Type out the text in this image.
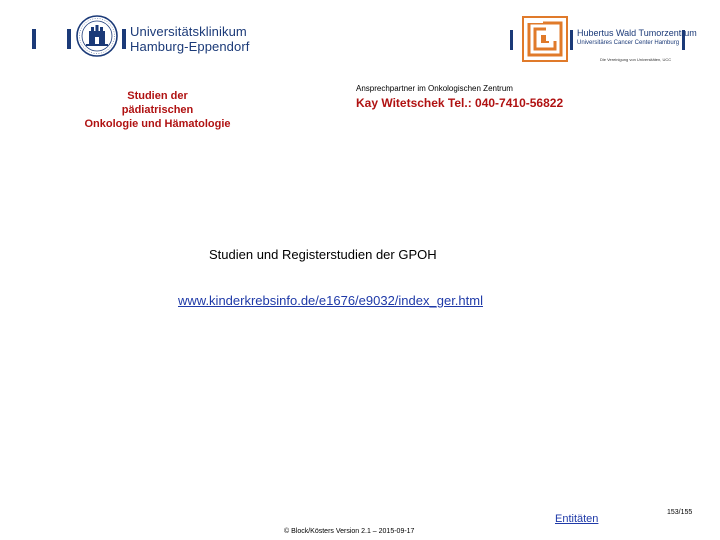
Universitätsklinikum
Hamburg-Eppendorf
Hubertus Wald Tumorzentrum
Universitäres Cancer Center Hamburg
Die Vereinigung von Universitäten, UCC
Studien der
pädiatrischen
Onkologie und Hämatologie
Ansprechpartner im Onkologischen Zentrum
Kay Witetschek Tel.: 040-7410-56822
Studien und Registerstudien der GPOH
www.kinderkrebsinfo.de/e1676/e9032/index_ger.html
Entitäten
153/155
© Block/Kösters Version 2.1 – 2015-09-17
